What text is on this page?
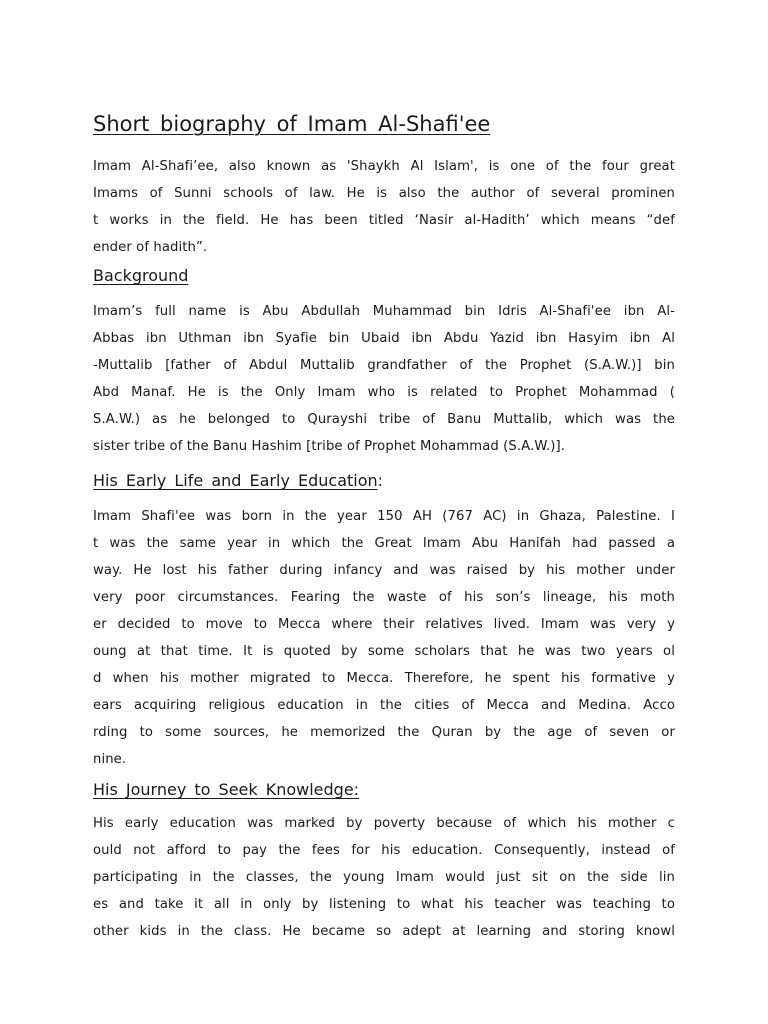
Short biography of Imam Al-Shafi'ee
Imam Al-Shafi’ee, also known as 'Shaykh Al Islam', is one of the four great
Imams of Sunni schools of law. He is also the author of several prominen
t works in the field. He has been titled ‘Nasir al-Hadith’ which means “def
ender of hadith”.
Background
Imam’s full name is Abu Abdullah Muhammad bin Idris Al-Shafi'ee ibn Al-
Abbas ibn Uthman ibn Syafie bin Ubaid ibn Abdu Yazid ibn Hasyim ibn Al
-Muttalib [father of Abdul Muttalib grandfather of the Prophet (S.A.W.)] bin
Abd Manaf. He is the Only Imam who is related to Prophet Mohammad (
S.A.W.) as he belonged to Qurayshi tribe of Banu Muttalib, which was the
sister tribe of the Banu Hashim [tribe of Prophet Mohammad (S.A.W.)].
His Early Life and Early Education:
Imam Shafi'ee was born in the year 150 AH (767 AC) in Ghaza, Palestine. I
t was the same year in which the Great Imam Abu Hanifah had passed a
way. He lost his father during infancy and was raised by his mother under
very poor circumstances. Fearing the waste of his son’s lineage, his moth
er decided to move to Mecca where their relatives lived. Imam was very y
oung at that time. It is quoted by some scholars that he was two years ol
d when his mother migrated to Mecca. Therefore, he spent his formative y
ears acquiring religious education in the cities of Mecca and Medina. Acco
rding to some sources, he memorized the Quran by the age of seven or
nine.
His Journey to Seek Knowledge:
His early education was marked by poverty because of which his mother c
ould not afford to pay the fees for his education. Consequently, instead of
participating in the classes, the young Imam would just sit on the side lin
es and take it all in only by listening to what his teacher was teaching to
other kids in the class. He became so adept at learning and storing knowl
